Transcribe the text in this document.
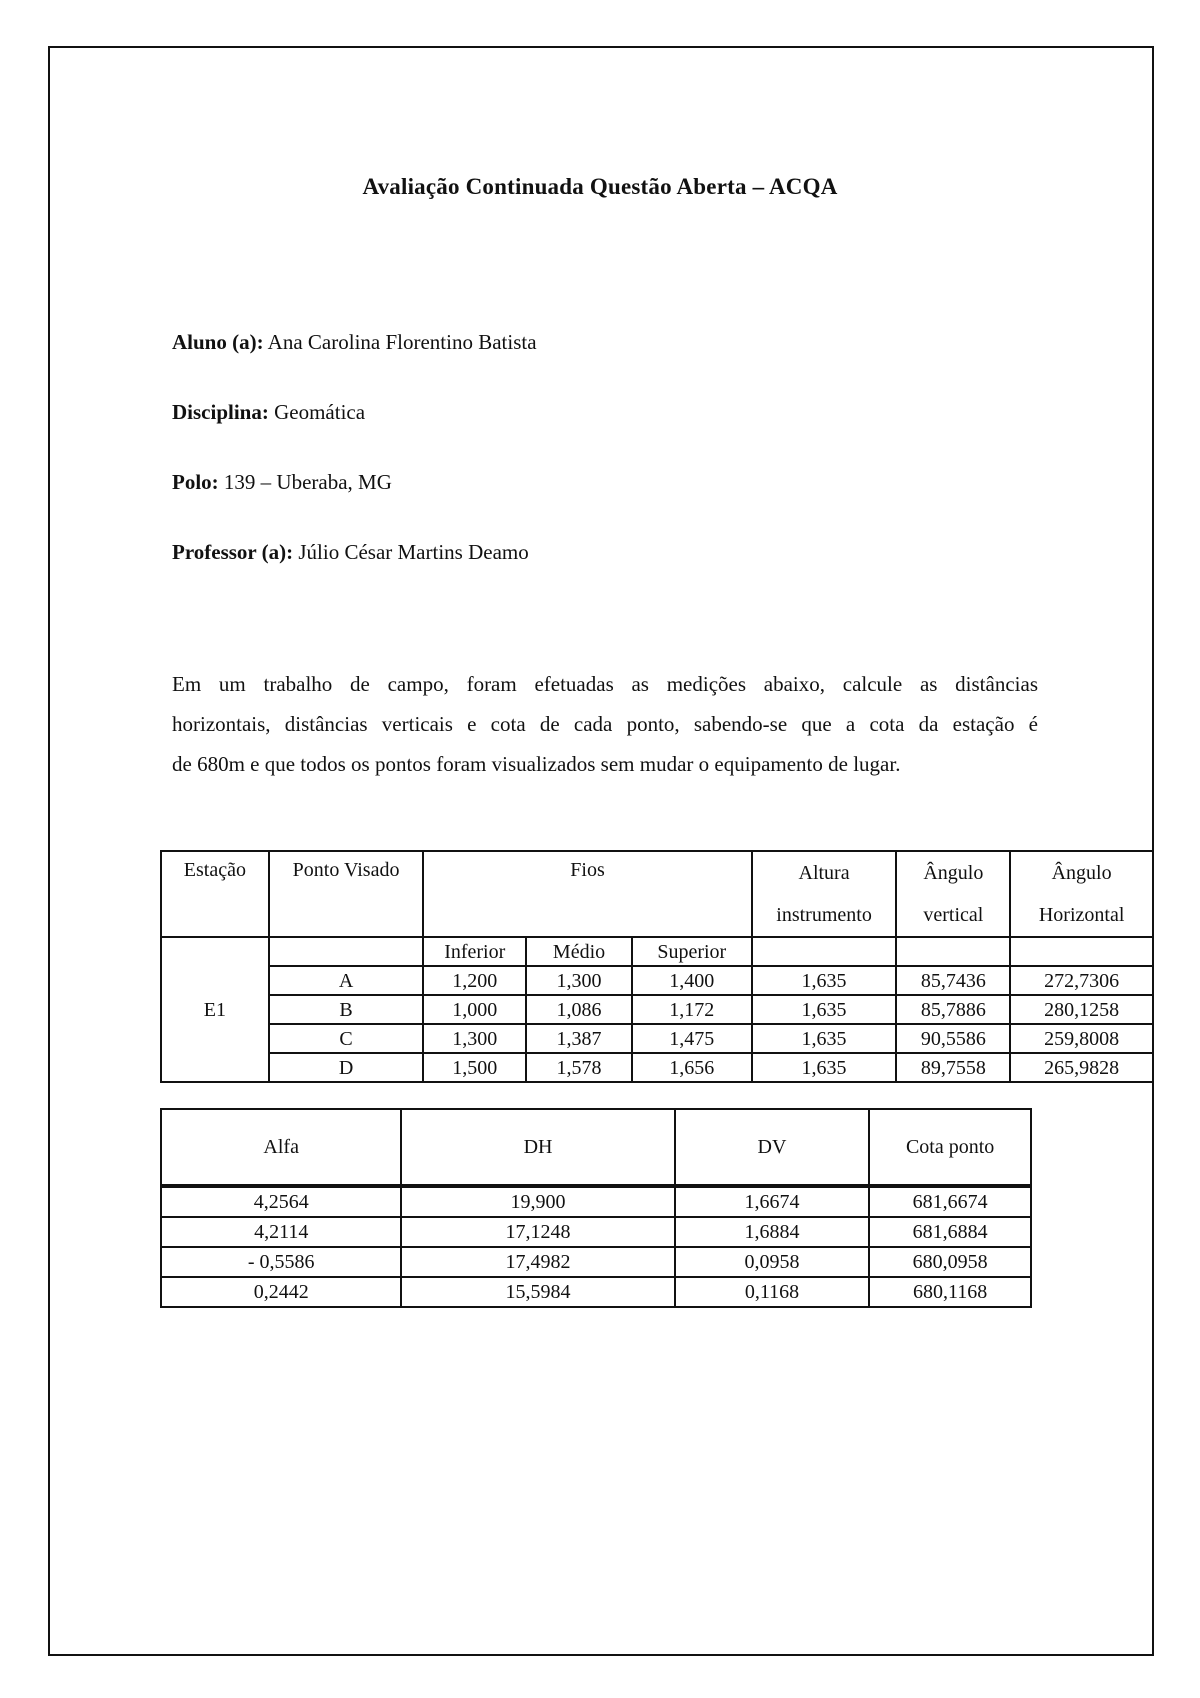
Avaliação Continuada Questão Aberta – ACQA
Aluno (a): Ana Carolina Florentino Batista
Disciplina: Geomática
Polo: 139 – Uberaba, MG
Professor (a): Júlio César Martins Deamo
Em um trabalho de campo, foram efetuadas as medições abaixo, calcule as distâncias
horizontais, distâncias verticais e cota de cada ponto, sabendo-se que a cota da estação é
de 680m e que todos os pontos foram visualizados sem mudar o equipamento de lugar.
Estação	Ponto Visado	Fios			Altura	Ângulo	Ângulo
					instrumento	vertical	Horizontal
E1		Inferior	Médio	Superior			
	A	1,200	1,300	1,400	1,635	85,7436	272,7306
	B	1,000	1,086	1,172	1,635	85,7886	280,1258
	C	1,300	1,387	1,475	1,635	90,5586	259,8008
	D	1,500	1,578	1,656	1,635	89,7558	265,9828
Alfa	DH	DV	Cota ponto
4,2564	19,900	1,6674	681,6674
4,2114	17,1248	1,6884	681,6884
- 0,5586	17,4982	0,0958	680,0958
0,2442	15,5984	0,1168	680,1168
